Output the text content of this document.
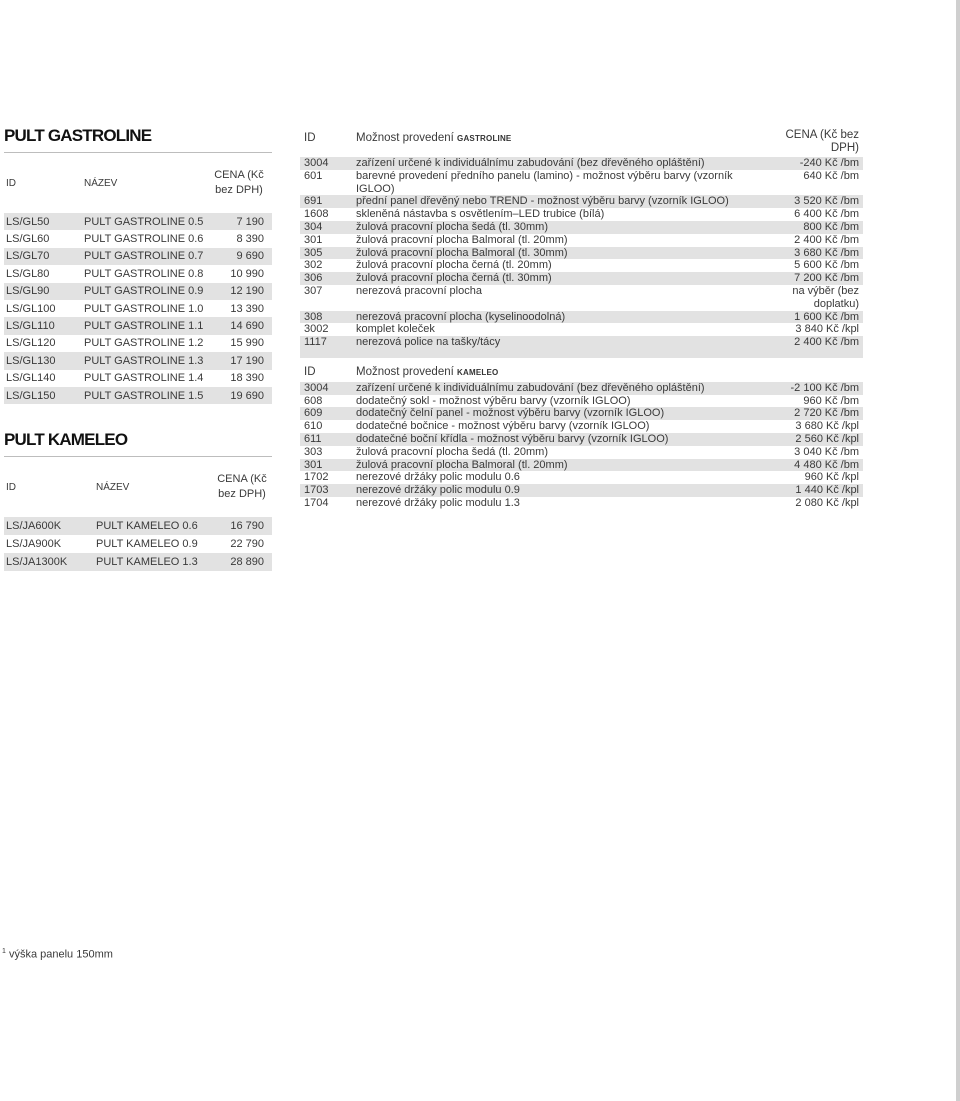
PULT GASTROLINE
ID	NÁZEV	CENA (Kč bez DPH)
LS/GL50	PULT GASTROLINE 0.5	7 190
LS/GL60	PULT GASTROLINE 0.6	8 390
LS/GL70	PULT GASTROLINE 0.7	9 690
LS/GL80	PULT GASTROLINE 0.8	10 990
LS/GL90	PULT GASTROLINE 0.9	12 190
LS/GL100	PULT GASTROLINE 1.0	13 390
LS/GL110	PULT GASTROLINE 1.1	14 690
LS/GL120	PULT GASTROLINE 1.2	15 990
LS/GL130	PULT GASTROLINE 1.3	17 190
LS/GL140	PULT GASTROLINE 1.4	18 390
LS/GL150	PULT GASTROLINE 1.5	19 690
PULT KAMELEO
ID	NÁZEV	CENA (Kč bez DPH)
LS/JA600K	PULT KAMELEO 0.6	16 790
LS/JA900K	PULT KAMELEO 0.9	22 790
LS/JA1300K	PULT KAMELEO 1.3	28 890
ID	Možnost provedení GASTROLINE	CENA (Kč bez DPH)
3004	zařízení určené k individuálnímu zabudování (bez dřevěného opláštění)	-240 Kč /bm
601	barevné provedení předního panelu (lamino) - možnost výběru barvy (vzorník IGLOO)	640 Kč /bm
691	přední panel dřevěný nebo TREND - možnost výběru barvy (vzorník IGLOO)	3 520 Kč /bm
1608	skleněná nástavba s osvětlením–LED trubice (bílá)	6 400 Kč /bm
304	žulová pracovní plocha šedá (tl. 30mm)	800 Kč /bm
301	žulová pracovní plocha Balmoral (tl. 20mm)	2 400 Kč /bm
305	žulová pracovní plocha Balmoral (tl. 30mm)	3 680 Kč /bm
302	žulová pracovní plocha černá (tl. 20mm)	5 600 Kč /bm
306	žulová pracovní plocha černá (tl. 30mm)	7 200 Kč /bm
307	nerezová pracovní plocha	na výběr (bez doplatku)
308	nerezová pracovní plocha (kyselinoodolná)	1 600 Kč /bm
3002	komplet koleček	3 840 Kč /kpl
1117	nerezová police na tašky/tácy	2 400 Kč /bm

ID	Možnost provedení KAMELEO	
3004	zařízení určené k individuálnímu zabudování (bez dřevěného opláštění)	-2 100 Kč /bm
608	dodatečný sokl - možnost výběru barvy (vzorník IGLOO)	960 Kč /bm
609	dodatečný čelní panel - možnost výběru barvy (vzorník IGLOO)	2 720 Kč /bm
610	dodatečné bočnice - možnost výběru barvy (vzorník IGLOO)	3 680 Kč /kpl
611	dodatečné boční křídla - možnost výběru barvy (vzorník IGLOO)	2 560 Kč /kpl
303	žulová pracovní plocha šedá (tl. 20mm)	3 040 Kč /bm
301	žulová pracovní plocha Balmoral (tl. 20mm)	4 480 Kč /bm
1702	nerezové držáky polic modulu 0.6	960 Kč /kpl
1703	nerezové držáky polic modulu 0.9	1 440 Kč /kpl
1704	nerezové držáky polic modulu 1.3	2 080 Kč /kpl
$^1$ výška panelu 150mm
